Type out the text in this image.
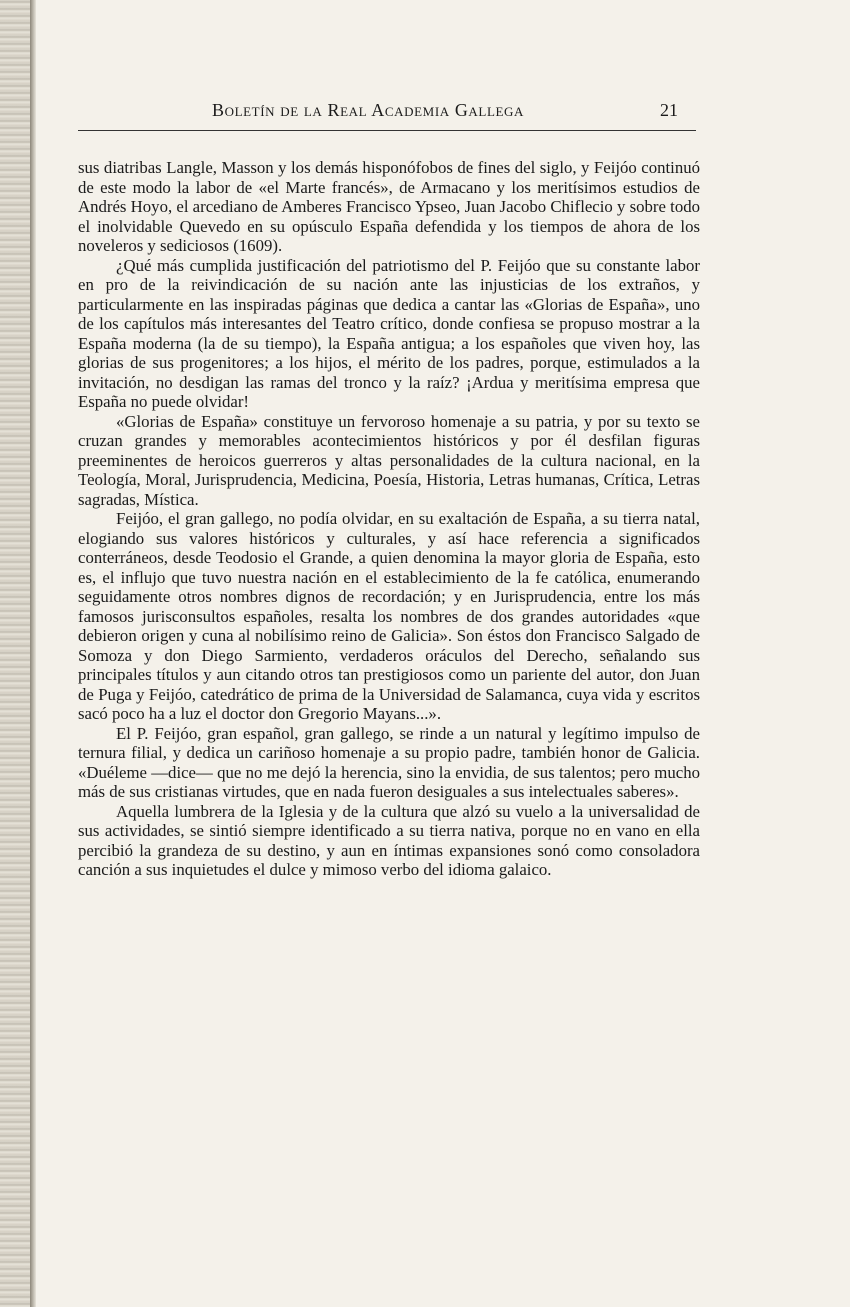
Boletín de la Real Academia Gallega	21

sus diatribas Langle, Masson y los demás hisponófobos de fines del siglo, y Feijóo continuó de este modo la labor de «el Marte francés», de Armacano y los meritísimos estudios de Andrés Hoyo, el arcediano de Amberes Francisco Ypseo, Juan Jacobo Chiflecio y sobre todo el inolvidable Quevedo en su opúsculo España defendida y los tiempos de ahora de los noveleros y sediciosos (1609).

¿Qué más cumplida justificación del patriotismo del P. Feijóo que su constante labor en pro de la reivindicación de su nación ante las injusticias de los extraños, y particularmente en las inspiradas páginas que dedica a cantar las «Glorias de España», uno de los capítulos más interesantes del Teatro crítico, donde confiesa se propuso mostrar a la España moderna (la de su tiempo), la España antigua; a los españoles que viven hoy, las glorias de sus progenitores; a los hijos, el mérito de los padres, porque, estimulados a la invitación, no desdigan las ramas del tronco y la raíz? ¡Ardua y meritísima empresa que España no puede olvidar!

«Glorias de España» constituye un fervoroso homenaje a su patria, y por su texto se cruzan grandes y memorables acontecimientos históricos y por él desfilan figuras preeminentes de heroicos guerreros y altas personalidades de la cultura nacional, en la Teología, Moral, Jurisprudencia, Medicina, Poesía, Historia, Letras humanas, Crítica, Letras sagradas, Mística.

Feijóo, el gran gallego, no podía olvidar, en su exaltación de España, a su tierra natal, elogiando sus valores históricos y culturales, y así hace referencia a significados conterráneos, desde Teodosio el Grande, a quien denomina la mayor gloria de España, esto es, el influjo que tuvo nuestra nación en el establecimiento de la fe católica, enumerando seguidamente otros nombres dignos de recordación; y en Jurisprudencia, entre los más famosos jurisconsultos españoles, resalta los nombres de dos grandes autoridades «que debieron origen y cuna al nobilísimo reino de Galicia». Son éstos don Francisco Salgado de Somoza y don Diego Sarmiento, verdaderos oráculos del Derecho, señalando sus principales títulos y aun citando otros tan prestigiosos como un pariente del autor, don Juan de Puga y Feijóo, catedrático de prima de la Universidad de Salamanca, cuya vida y escritos sacó poco ha a luz el doctor don Gregorio Mayans...».

El P. Feijóo, gran español, gran gallego, se rinde a un natural y legítimo impulso de ternura filial, y dedica un cariñoso homenaje a su propio padre, también honor de Galicia. «Duéleme —dice— que no me dejó la herencia, sino la envidia, de sus talentos; pero mucho más de sus cristianas virtudes, que en nada fueron desiguales a sus intelectuales saberes».

Aquella lumbrera de la Iglesia y de la cultura que alzó su vuelo a la universalidad de sus actividades, se sintió siempre identificado a su tierra nativa, porque no en vano en ella percibió la grandeza de su destino, y aun en íntimas expansiones sonó como consoladora canción a sus inquietudes el dulce y mimoso verbo del idioma galaico.
